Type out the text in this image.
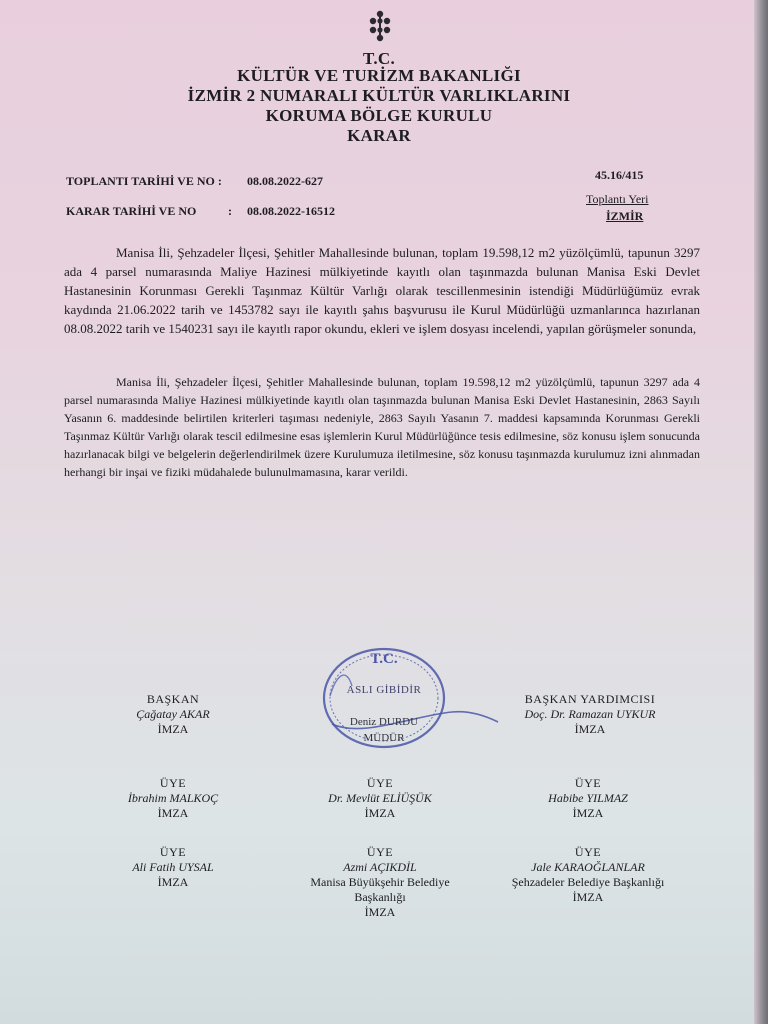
T.C.
KÜLTÜR VE TURİZM BAKANLIĞI
İZMİR 2 NUMARALI KÜLTÜR VARLIKLARINI
KORUMA BÖLGE KURULU
KARAR
TOPLANTI TARİHİ VE NO : 08.08.2022-627	45.16/415
Toplantı Yeri
İZMİR
KARAR TARİHİ VE NO	: 08.08.2022-16512

Manisa İli, Şehzadeler İlçesi, Şehitler Mahallesinde bulunan, toplam 19.598,12 m2 yüzölçümlü, tapunun 3297 ada 4 parsel numarasında Maliye Hazinesi mülkiyetinde kayıtlı olan taşınmazda bulunan Manisa Eski Devlet Hastanesinin Korunması Gerekli Taşınmaz Kültür Varlığı olarak tescillenmesinin istendiği Müdürlüğümüz evrak kaydında 21.06.2022 tarih ve 1453782 sayı ile kayıtlı şahıs başvurusu ile Kurul Müdürlüğü uzmanlarınca hazırlanan 08.08.2022 tarih ve 1540231 sayı ile kayıtlı rapor okundu, ekleri ve işlem dosyası incelendi, yapılan görüşmeler sonunda,

Manisa İli, Şehzadeler İlçesi, Şehitler Mahallesinde bulunan, toplam 19.598,12 m2 yüzölçümlü, tapunun 3297 ada 4 parsel numarasında Maliye Hazinesi mülkiyetinde kayıtlı olan taşınmazda bulunan Manisa Eski Devlet Hastanesinin, 2863 Sayılı Yasanın 6. maddesinde belirtilen kriterleri taşıması nedeniyle, 2863 Sayılı Yasanın 7. maddesi kapsamında Korunması Gerekli Taşınmaz Kültür Varlığı olarak tescil edilmesine esas işlemlerin Kurul Müdürlüğünce tesis edilmesine, söz konusu işlem sonucunda hazırlanacak bilgi ve belgelerin değerlendirilmek üzere Kurulumuza iletilmesine, söz konusu taşınmazda kurulumuz izni alınmadan herhangi bir inşai ve fiziki müdahalede bulunulmamasına, karar verildi.

T.C.
ASLI GİBİDİR
Deniz DURDU
MÜDÜR
BAŞKAN
Çağatay AKAR
İMZA
BAŞKAN YARDIMCISI
Doç. Dr. Ramazan UYKUR
İMZA
ÜYE
İbrahim MALKOÇ
İMZA
ÜYE
Dr. Mevlüt ELİÜŞÜK
İMZA
ÜYE
Habibe YILMAZ
İMZA
ÜYE
Ali Fatih UYSAL
İMZA
ÜYE
Azmi AÇIKDİL
Manisa Büyükşehir Belediye
Başkanlığı
İMZA
ÜYE
Jale KARAOĞLANLAR
Şehzadeler Belediye Başkanlığı
İMZA
